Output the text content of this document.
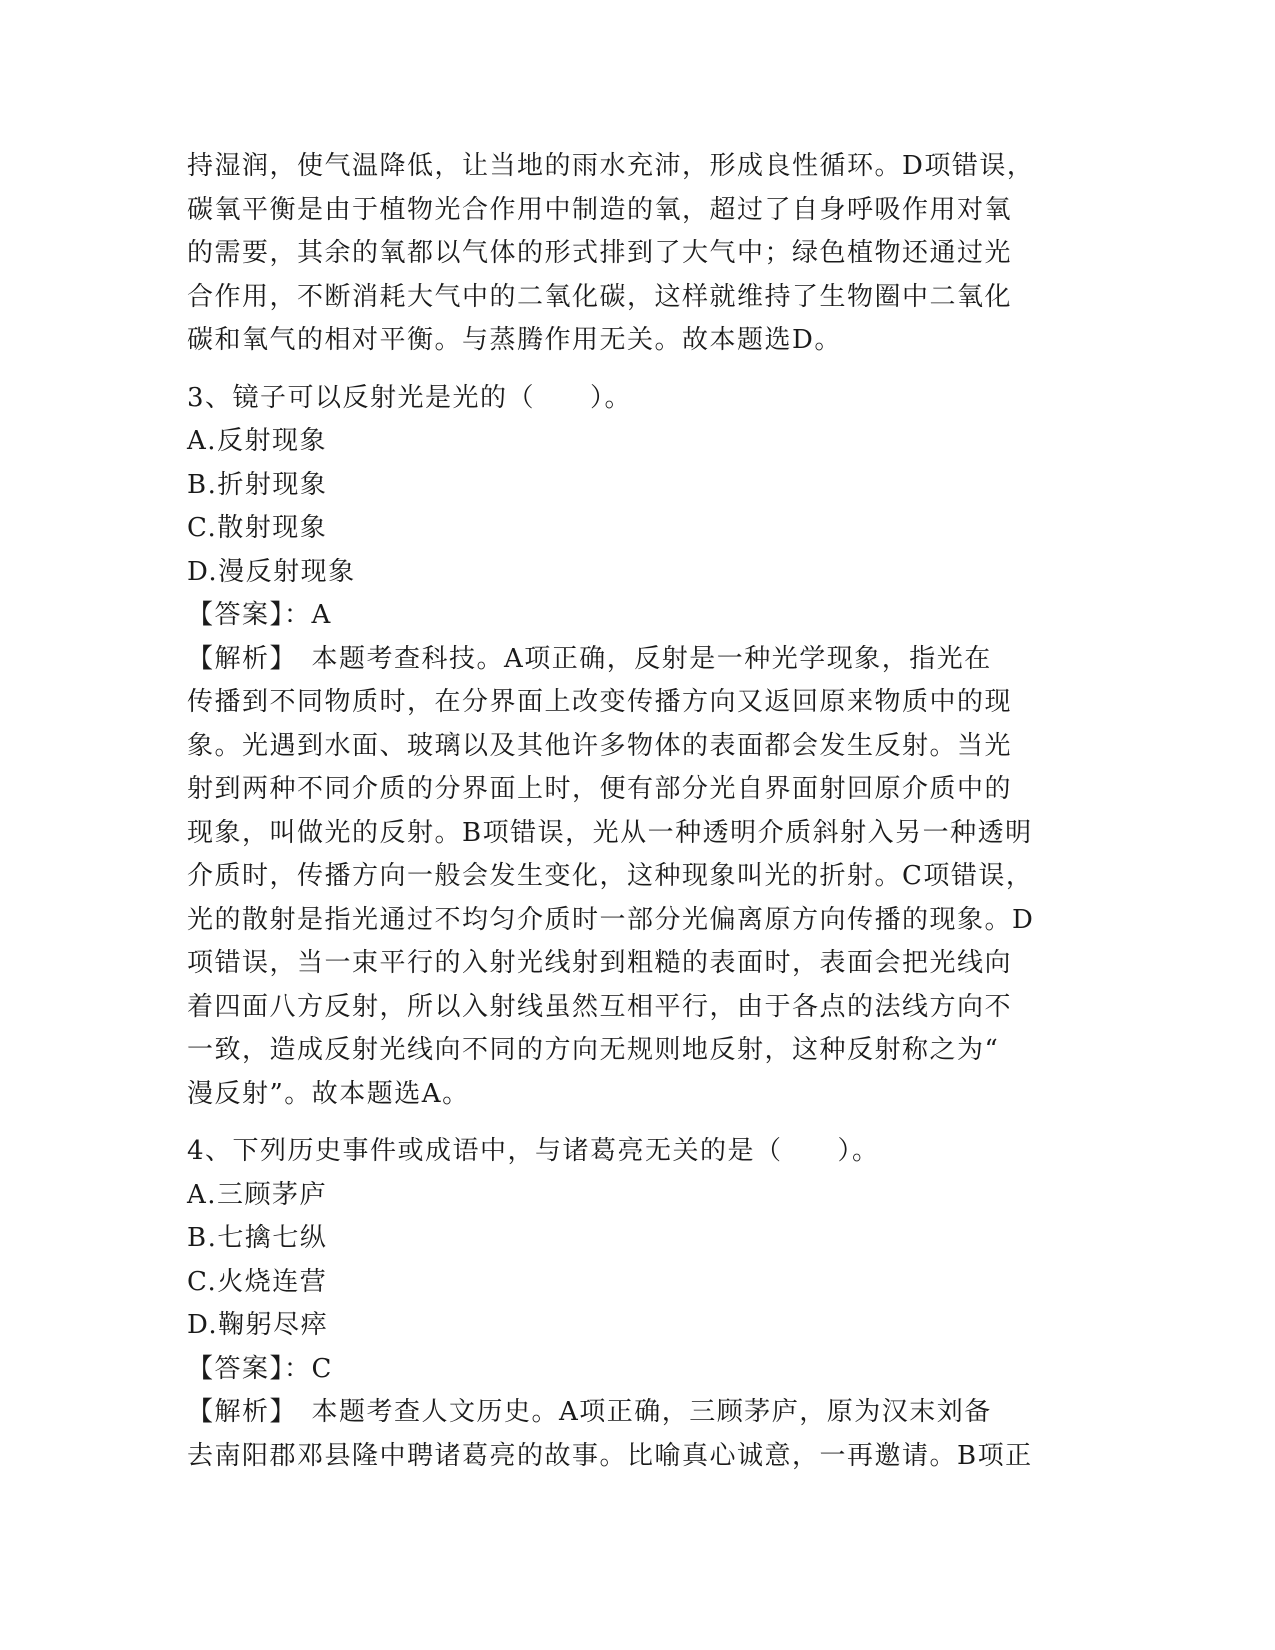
持湿润，使气温降低，让当地的雨水充沛，形成良性循环。D项错误，
碳氧平衡是由于植物光合作用中制造的氧，超过了自身呼吸作用对氧
的需要，其余的氧都以气体的形式排到了大气中；绿色植物还通过光
合作用，不断消耗大气中的二氧化碳，这样就维持了生物圈中二氧化
碳和氧气的相对平衡。与蒸腾作用无关。故本题选D。
3、镜子可以反射光是光的（　　）。
A.反射现象
B.折射现象
C.散射现象
D.漫反射现象
【答案】：A
【解析】　本题考查科技。A项正确，反射是一种光学现象，指光在
传播到不同物质时，在分界面上改变传播方向又返回原来物质中的现
象。光遇到水面、玻璃以及其他许多物体的表面都会发生反射。当光
射到两种不同介质的分界面上时，便有部分光自界面射回原介质中的
现象，叫做光的反射。B项错误，光从一种透明介质斜射入另一种透明
介质时，传播方向一般会发生变化，这种现象叫光的折射。C项错误，
光的散射是指光通过不均匀介质时一部分光偏离原方向传播的现象。D
项错误，当一束平行的入射光线射到粗糙的表面时，表面会把光线向
着四面八方反射，所以入射线虽然互相平行，由于各点的法线方向不
一致，造成反射光线向不同的方向无规则地反射，这种反射称之为“
漫反射”。故本题选A。
4、下列历史事件或成语中，与诸葛亮无关的是（　　）。
A.三顾茅庐
B.七擒七纵
C.火烧连营
D.鞠躬尽瘁
【答案】：C
【解析】　本题考查人文历史。A项正确，三顾茅庐，原为汉末刘备
去南阳郡邓县隆中聘诸葛亮的故事。比喻真心诚意，一再邀请。B项正
